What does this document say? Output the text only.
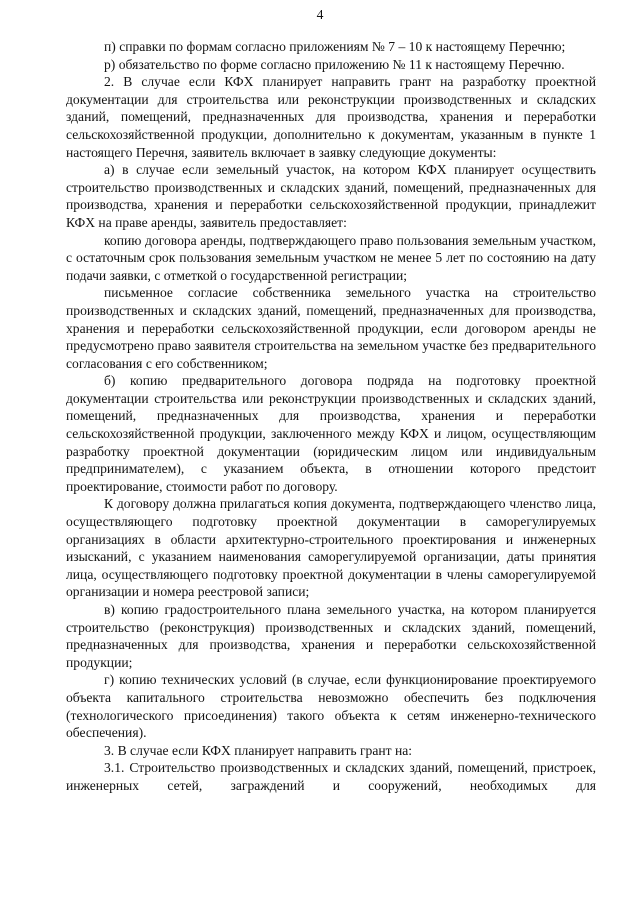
4

п) справки по формам согласно приложениям № 7 – 10 к настоящему Перечню;

р) обязательство по форме согласно приложению № 11 к настоящему Перечню.

2. В случае если КФХ планирует направить грант на разработку проектной документации для строительства или реконструкции производственных и складских зданий, помещений, предназначенных для производства, хранения и переработки сельскохозяйственной продукции, дополнительно к документам, указанным в пункте 1 настоящего Перечня, заявитель включает в заявку следующие документы:

а) в случае если земельный участок, на котором КФХ планирует осуществить строительство производственных и складских зданий, помещений, предназначенных для производства, хранения и переработки сельскохозяйственной продукции, принадлежит КФХ на праве аренды, заявитель предоставляет:

копию договора аренды, подтверждающего право пользования земельным участком, с остаточным срок пользования земельным участком не менее 5 лет по состоянию на дату подачи заявки, с отметкой о государственной регистрации;

письменное согласие собственника земельного участка на строительство производственных и складских зданий, помещений, предназначенных для производства, хранения и переработки сельскохозяйственной продукции, если договором аренды не предусмотрено право заявителя строительства на земельном участке без предварительного согласования с его собственником;

б) копию предварительного договора подряда на подготовку проектной документации строительства или реконструкции производственных и складских зданий, помещений, предназначенных для производства, хранения и переработки сельскохозяйственной продукции, заключенного между КФХ и лицом, осуществляющим разработку проектной документации (юридическим лицом или индивидуальным предпринимателем), с указанием объекта, в отношении которого предстоит проектирование, стоимости работ по договору.

К договору должна прилагаться копия документа, подтверждающего членство лица, осуществляющего подготовку проектной документации в саморегулируемых организациях в области архитектурно-строительного проектирования и инженерных изысканий, с указанием наименования саморегулируемой организации, даты принятия лица, осуществляющего подготовку проектной документации в члены саморегулируемой организации и номера реестровой записи;

в) копию градостроительного плана земельного участка, на котором планируется строительство (реконструкция) производственных и складских зданий, помещений, предназначенных для производства, хранения и переработки сельскохозяйственной продукции;

г) копию технических условий (в случае, если функционирование проектируемого объекта капитального строительства невозможно обеспечить без подключения (технологического присоединения) такого объекта к сетям инженерно-технического обеспечения).

3. В случае если КФХ планирует направить грант на:

3.1. Строительство производственных и складских зданий, помещений, пристроек, инженерных сетей, заграждений и сооружений, необходимых для
